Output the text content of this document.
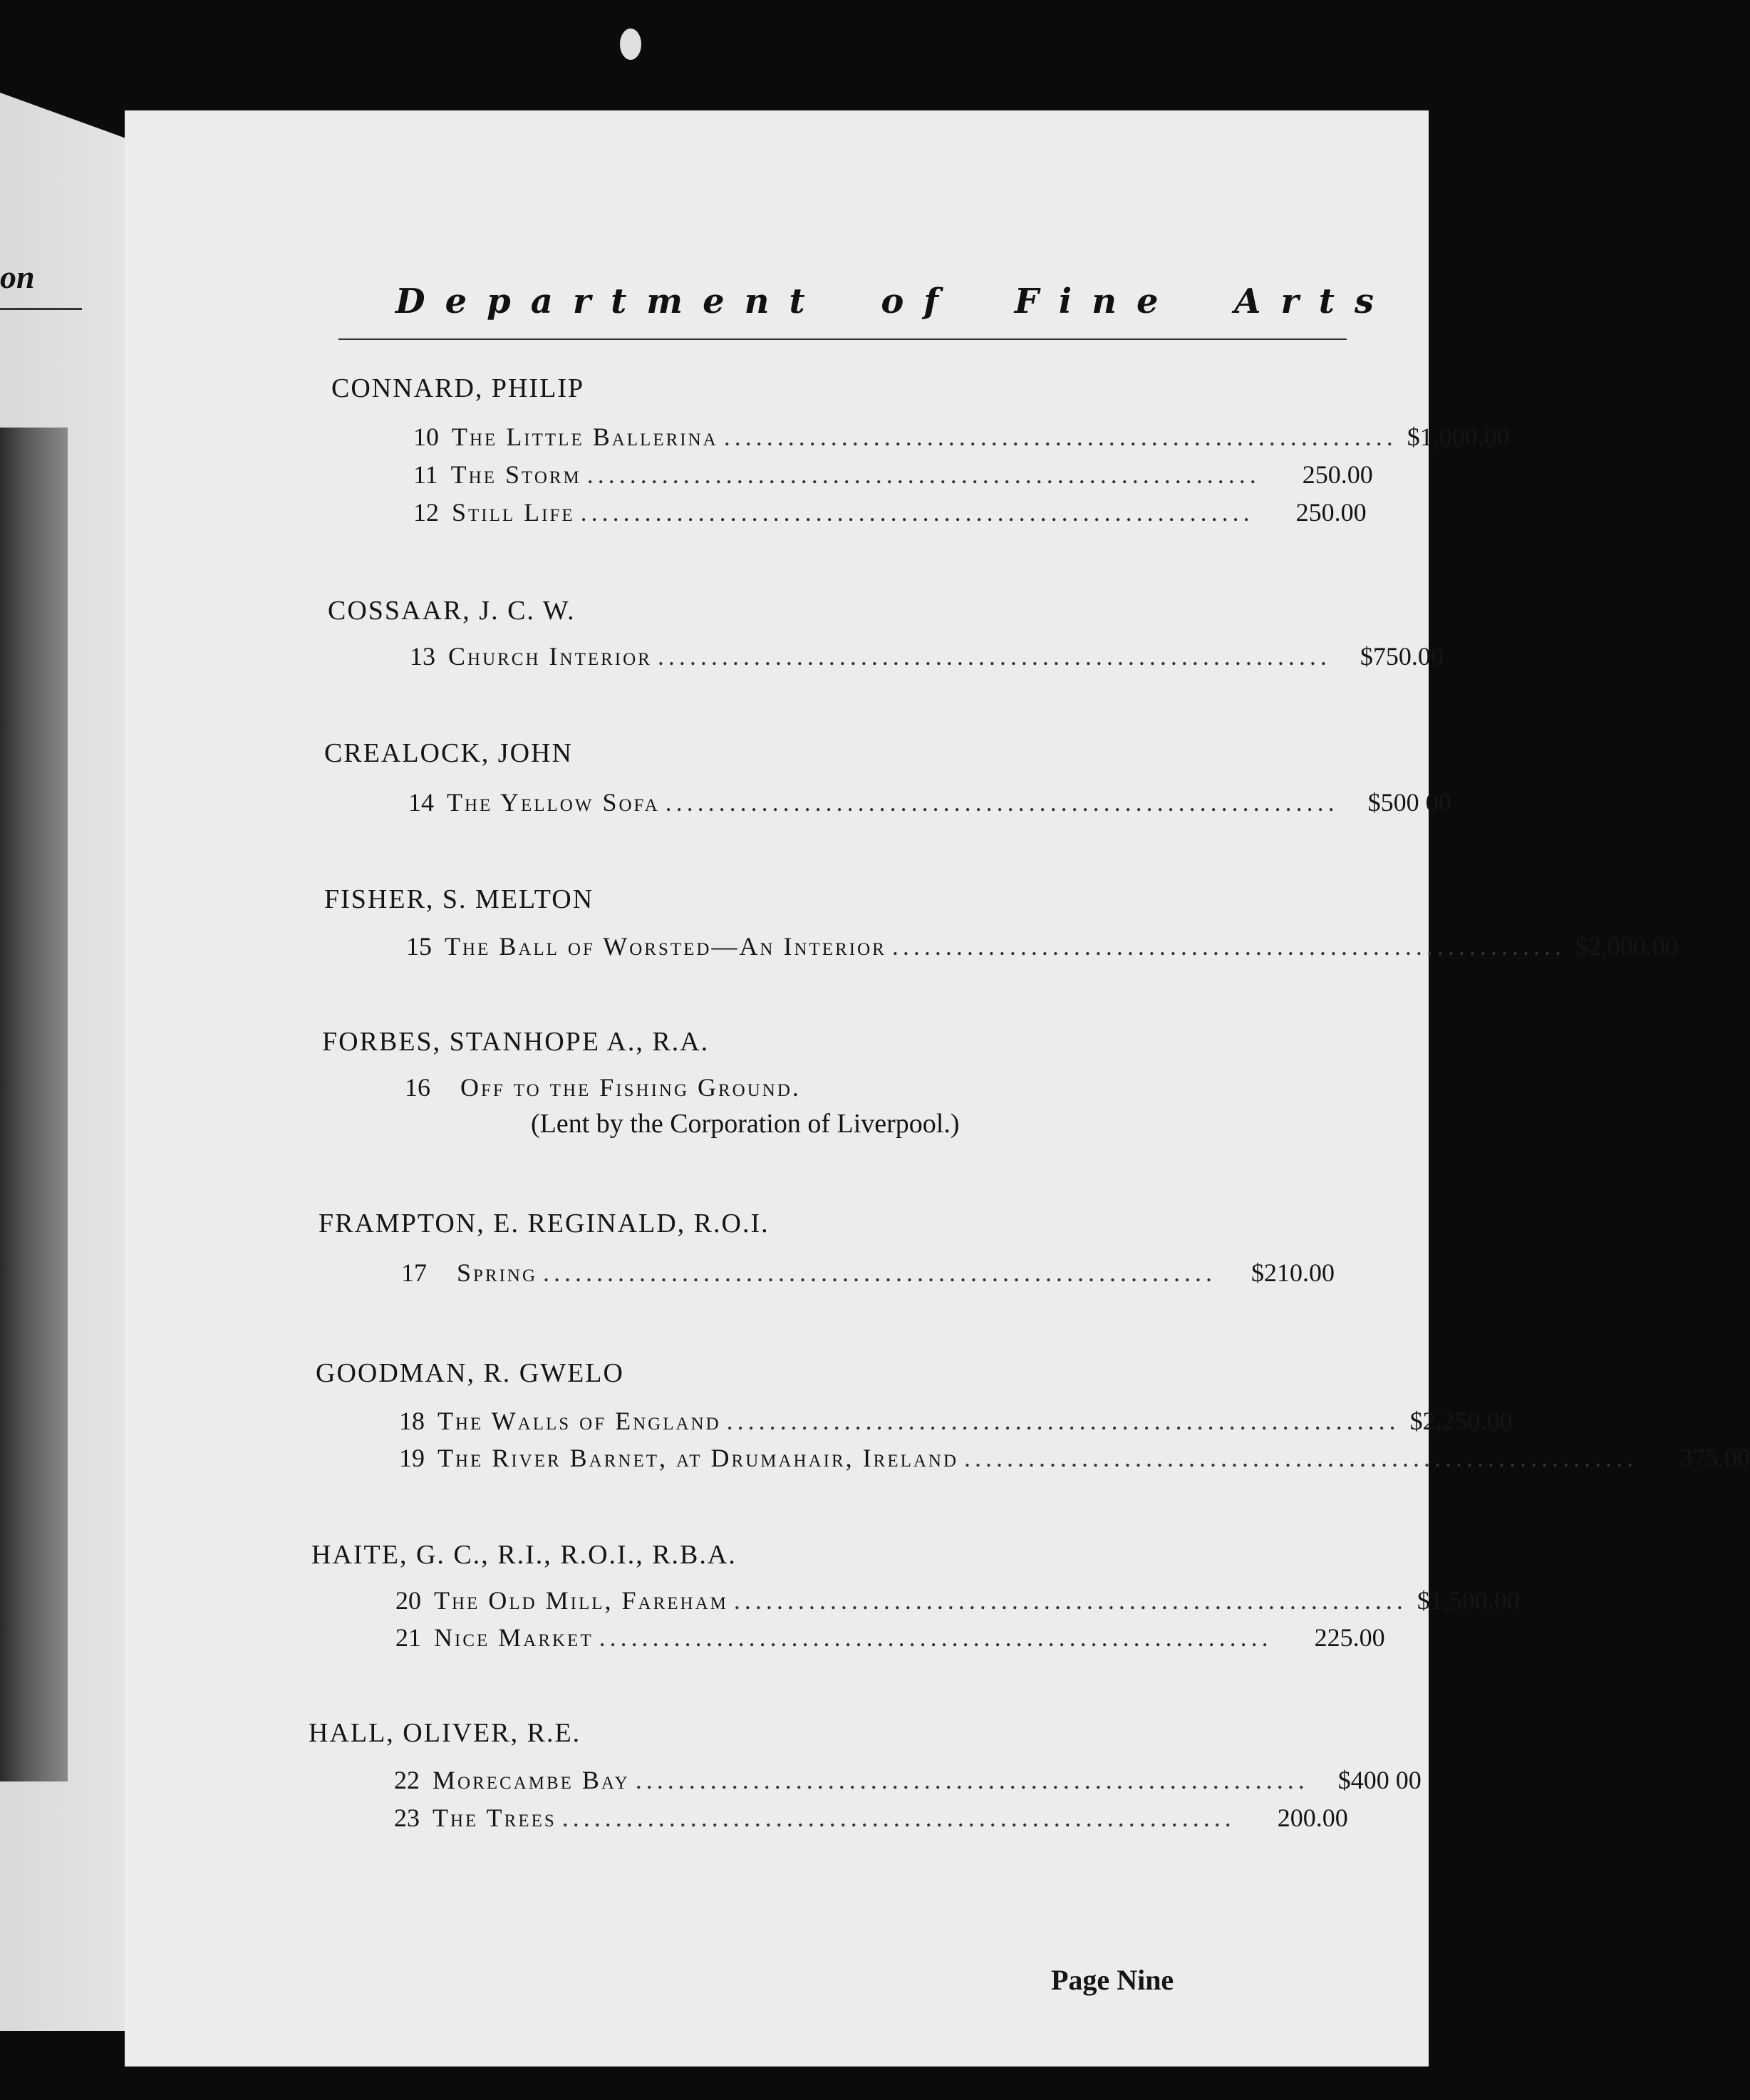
on
Department of Fine Arts
CONNARD, PHILIP
10 The Little Ballerina ............................................................... $1,000.00
11 The Storm ...............................................................	250.00
12 Still Life ...............................................................	250.00
COSSAAR, J. C. W.
13 Church Interior ...............................................................	$750.00
CREALOCK, JOHN
14 The Yellow Sofa ...............................................................	$500 00
FISHER, S. MELTON
15 The Ball of Worsted—An Interior ............................................................... $2,000.00
FORBES, STANHOPE A., R.A.
16	Off to the Fishing Ground.
(Lent by the Corporation of Liverpool.)
FRAMPTON, E. REGINALD, R.O.I.
17	Spring ...............................................................	$210.00
GOODMAN, R. GWELO
18 The Walls of England ............................................................... $2,250.00
19 The River Barnet, at Drumahair, Ireland ...............................................................	375.00
HAITE, G. C., R.I., R.O.I., R.B.A.
20 The Old Mill, Fareham ............................................................... $1,500.00
21 Nice Market ...............................................................	225.00
HALL, OLIVER, R.E.
22 Morecambe Bay ...............................................................	$400 00
23 The Trees ...............................................................	200.00
Page Nine
